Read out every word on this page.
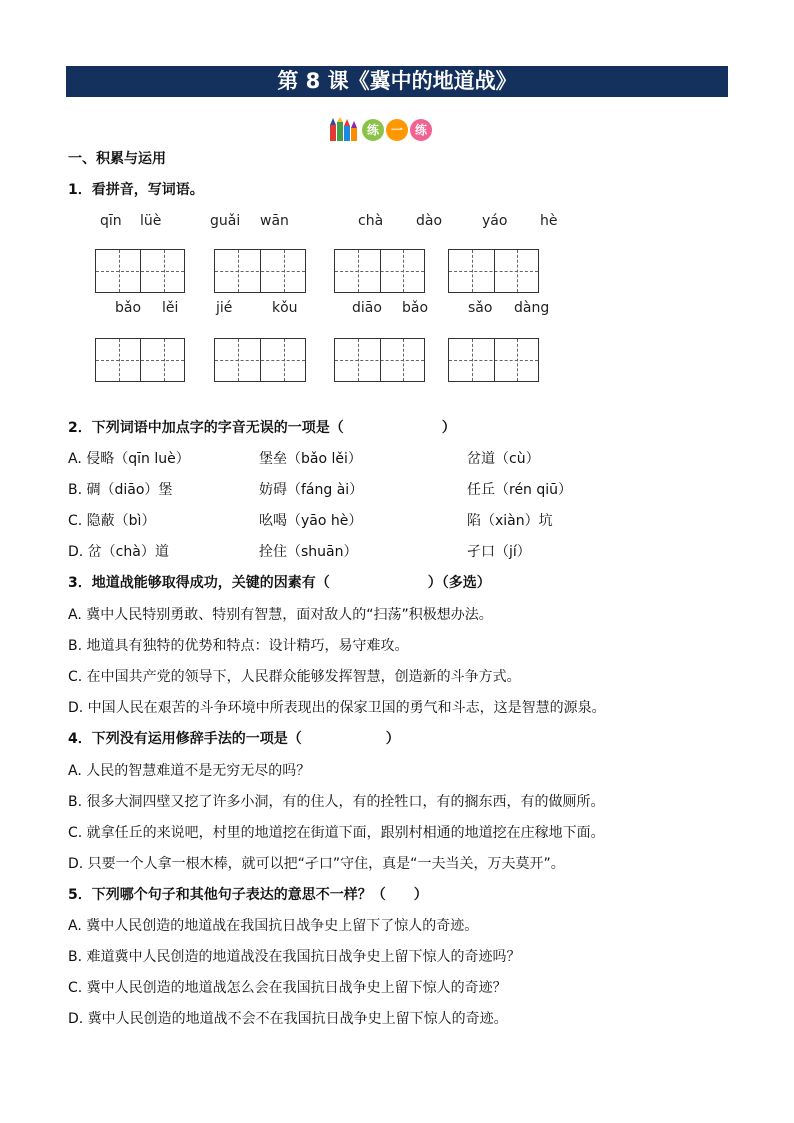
第 8 课《冀中的地道战》
练 一 练
一、积累与运用
1．看拼音，写词语。
qīn lüè	guǎi wān	chà dào	yáo hè
bǎo lěi	jié	kǒu	diāo bǎo	sǎo dàng
2．下列词语中加点字的字音无误的一项是（　　　　　　　）
A. 侵略（qīn luè）	堡垒（bǎo lěi）	岔道（cù）
B. 碉（diāo）堡	妨碍（fáng ài）	任丘（rén qiū）
C. 隐蔽（bì）	吆喝（yāo hè）	陷（xiàn）坑
D. 岔（chà）道	拴住（shuān）	孑口（jí）
3．地道战能够取得成功，关键的因素有（　　　　　　　）（多选）
A. 冀中人民特别勇敢、特别有智慧，面对敌人的“扫荡”积极想办法。
B. 地道具有独特的优势和特点：设计精巧，易守难攻。
C. 在中国共产党的领导下，人民群众能够发挥智慧，创造新的斗争方式。
D. 中国人民在艰苦的斗争环境中所表现出的保家卫国的勇气和斗志，这是智慧的源泉。
4．下列没有运用修辞手法的一项是（　　　　　　）
A. 人民的智慧难道不是无穷无尽的吗？
B. 很多大洞四壁又挖了许多小洞，有的住人，有的拴牲口，有的搁东西，有的做厕所。
C. 就拿任丘的来说吧，村里的地道挖在街道下面，跟别村相通的地道挖在庄稼地下面。
D. 只要一个人拿一根木棒，就可以把“孑口”守住，真是“一夫当关，万夫莫开”。
5．下列哪个句子和其他句子表达的意思不一样？（　　）
A. 冀中人民创造的地道战在我国抗日战争史上留下了惊人的奇迹。
B. 难道冀中人民创造的地道战没在我国抗日战争史上留下惊人的奇迹吗？
C. 冀中人民创造的地道战怎么会在我国抗日战争史上留下惊人的奇迹？
D. 冀中人民创造的地道战不会不在我国抗日战争史上留下惊人的奇迹。
